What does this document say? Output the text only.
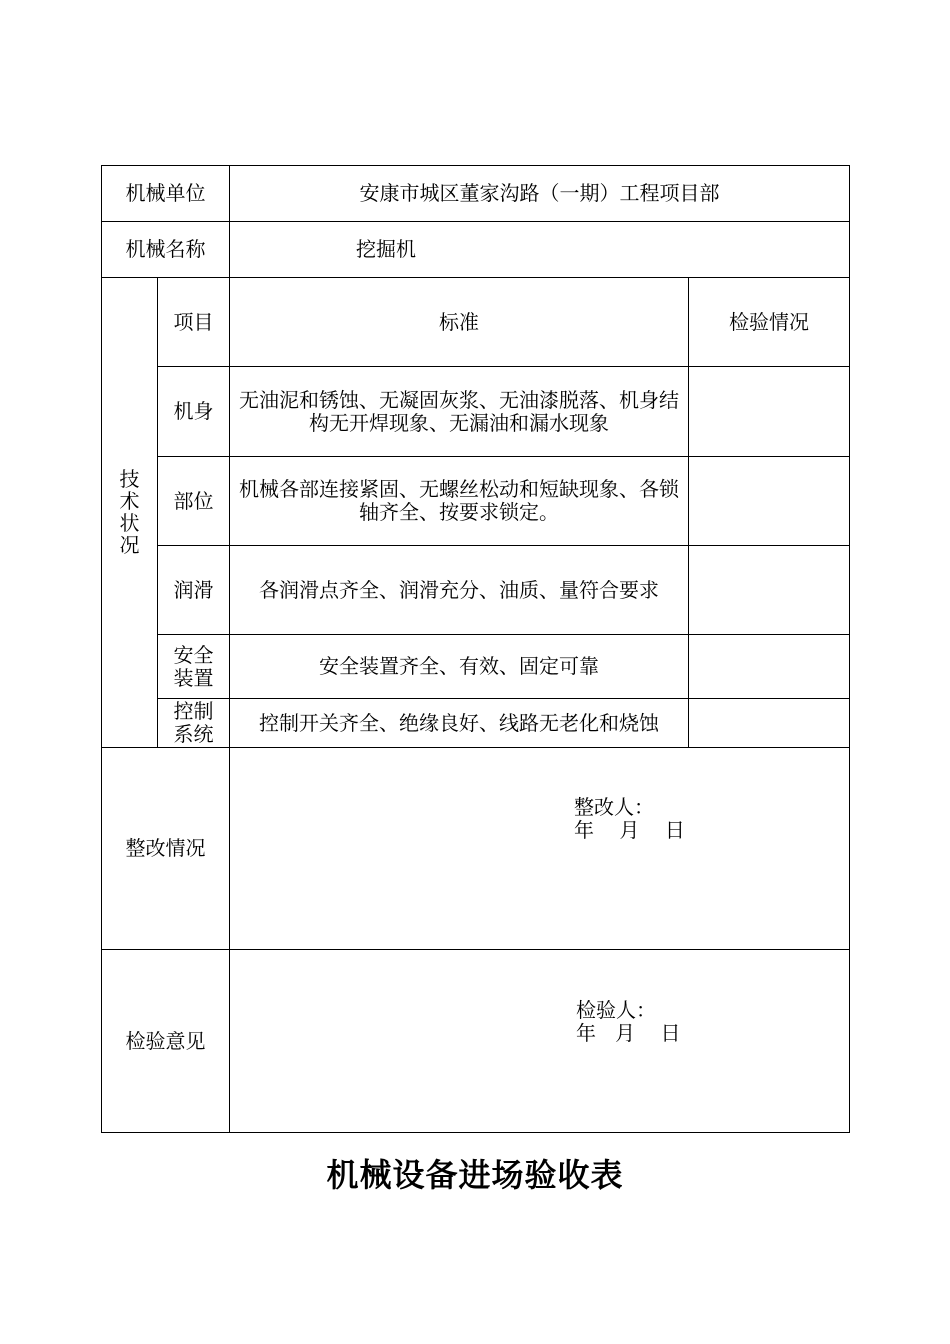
机械单位		安康市城区董家沟路（一期）工程项目部	
机械名称		挖掘机	
技术状况	项目	标准	检验情况
	机身	无油泥和锈蚀、无凝固灰浆、无油漆脱落、机身结构无开焊现象、无漏油和漏水现象	
	部位	机械各部连接紧固、无螺丝松动和短缺现象、各锁轴齐全、按要求锁定。	
	润滑	各润滑点齐全、润滑充分、油质、量符合要求	
	安全装置	安全装置齐全、有效、固定可靠	
	控制系统	控制开关齐全、绝缘良好、线路无老化和烧蚀	
整改情况		整改人：
年    月    日	

检验意见		检验人：
年   月    日	
机械设备进场验收表
